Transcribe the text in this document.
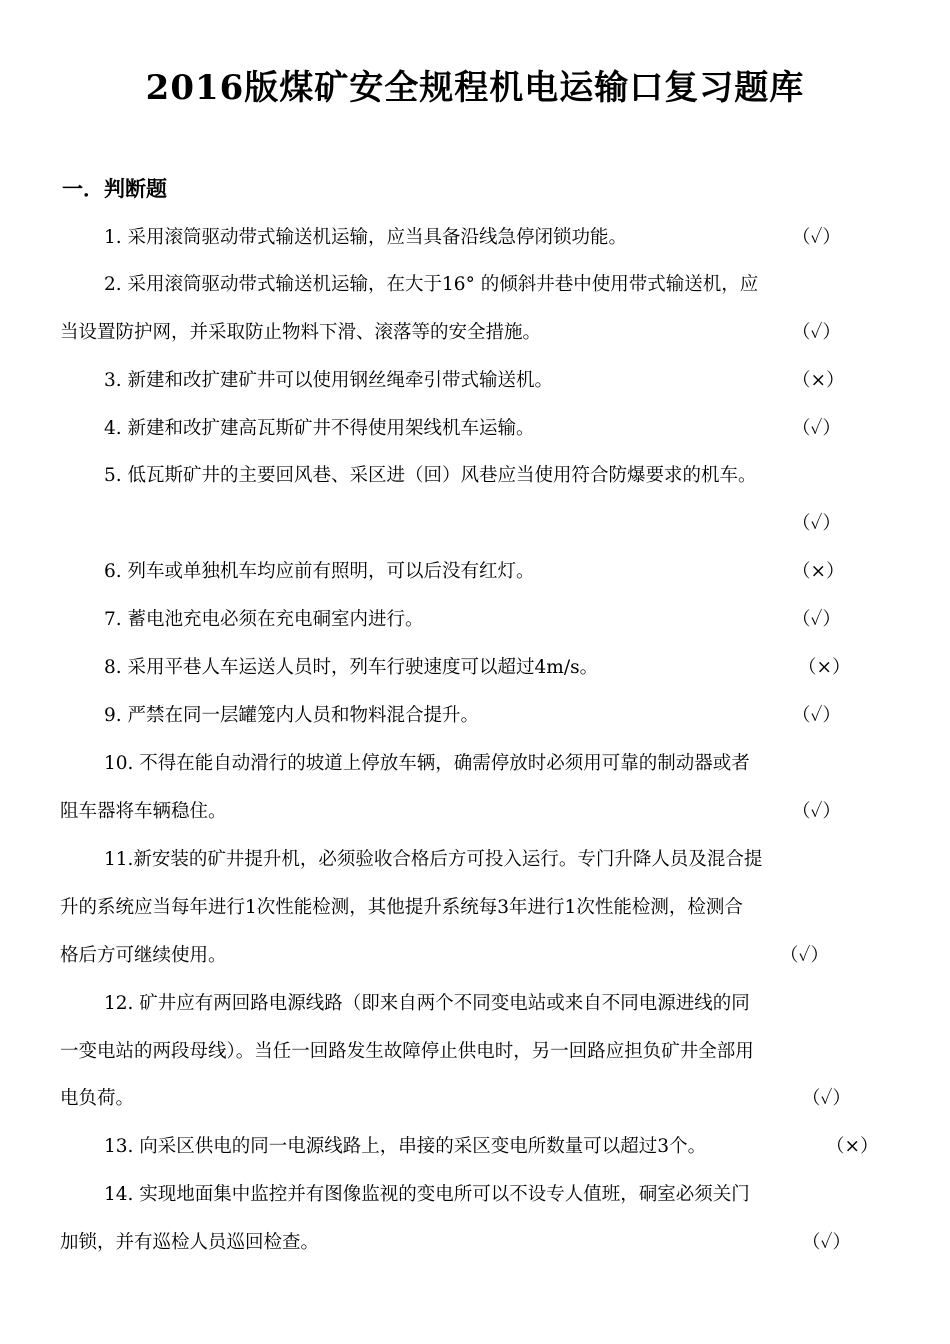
2016版煤矿安全规程机电运输口复习题库
一．判断题
1. 采用滚筒驱动带式输送机运输，应当具备沿线急停闭锁功能。	（✓）
2. 采用滚筒驱动带式输送机运输，在大于16° 的倾斜井巷中使用带式输送机，应
当设置防护网，并采取防止物料下滑、滚落等的安全措施。	（✓）
3. 新建和改扩建矿井可以使用钢丝绳牵引带式输送机。	（×）
4. 新建和改扩建高瓦斯矿井不得使用架线机车运输。	（✓）
5. 低瓦斯矿井的主要回风巷、采区进（回）风巷应当使用符合防爆要求的机车。
（✓）
6. 列车或单独机车均应前有照明，可以后没有红灯。	（×）
7. 蓄电池充电必须在充电硐室内进行。	（✓）
8. 采用平巷人车运送人员时，列车行驶速度可以超过4m/s。	（×）
9. 严禁在同一层罐笼内人员和物料混合提升。	（✓）
10. 不得在能自动滑行的坡道上停放车辆，确需停放时必须用可靠的制动器或者
阻车器将车辆稳住。	（✓）
11.新安装的矿井提升机，必须验收合格后方可投入运行。专门升降人员及混合提
升的系统应当每年进行1次性能检测，其他提升系统每3年进行1次性能检测，检测合
格后方可继续使用。	（✓）
12. 矿井应有两回路电源线路（即来自两个不同变电站或来自不同电源进线的同
一变电站的两段母线）。当任一回路发生故障停止供电时，另一回路应担负矿井全部用
电负荷。	（✓）
13. 向采区供电的同一电源线路上，串接的采区变电所数量可以超过3个。	（×）
14. 实现地面集中监控并有图像监视的变电所可以不设专人值班，硐室必须关门
加锁，并有巡检人员巡回检查。	（✓）
